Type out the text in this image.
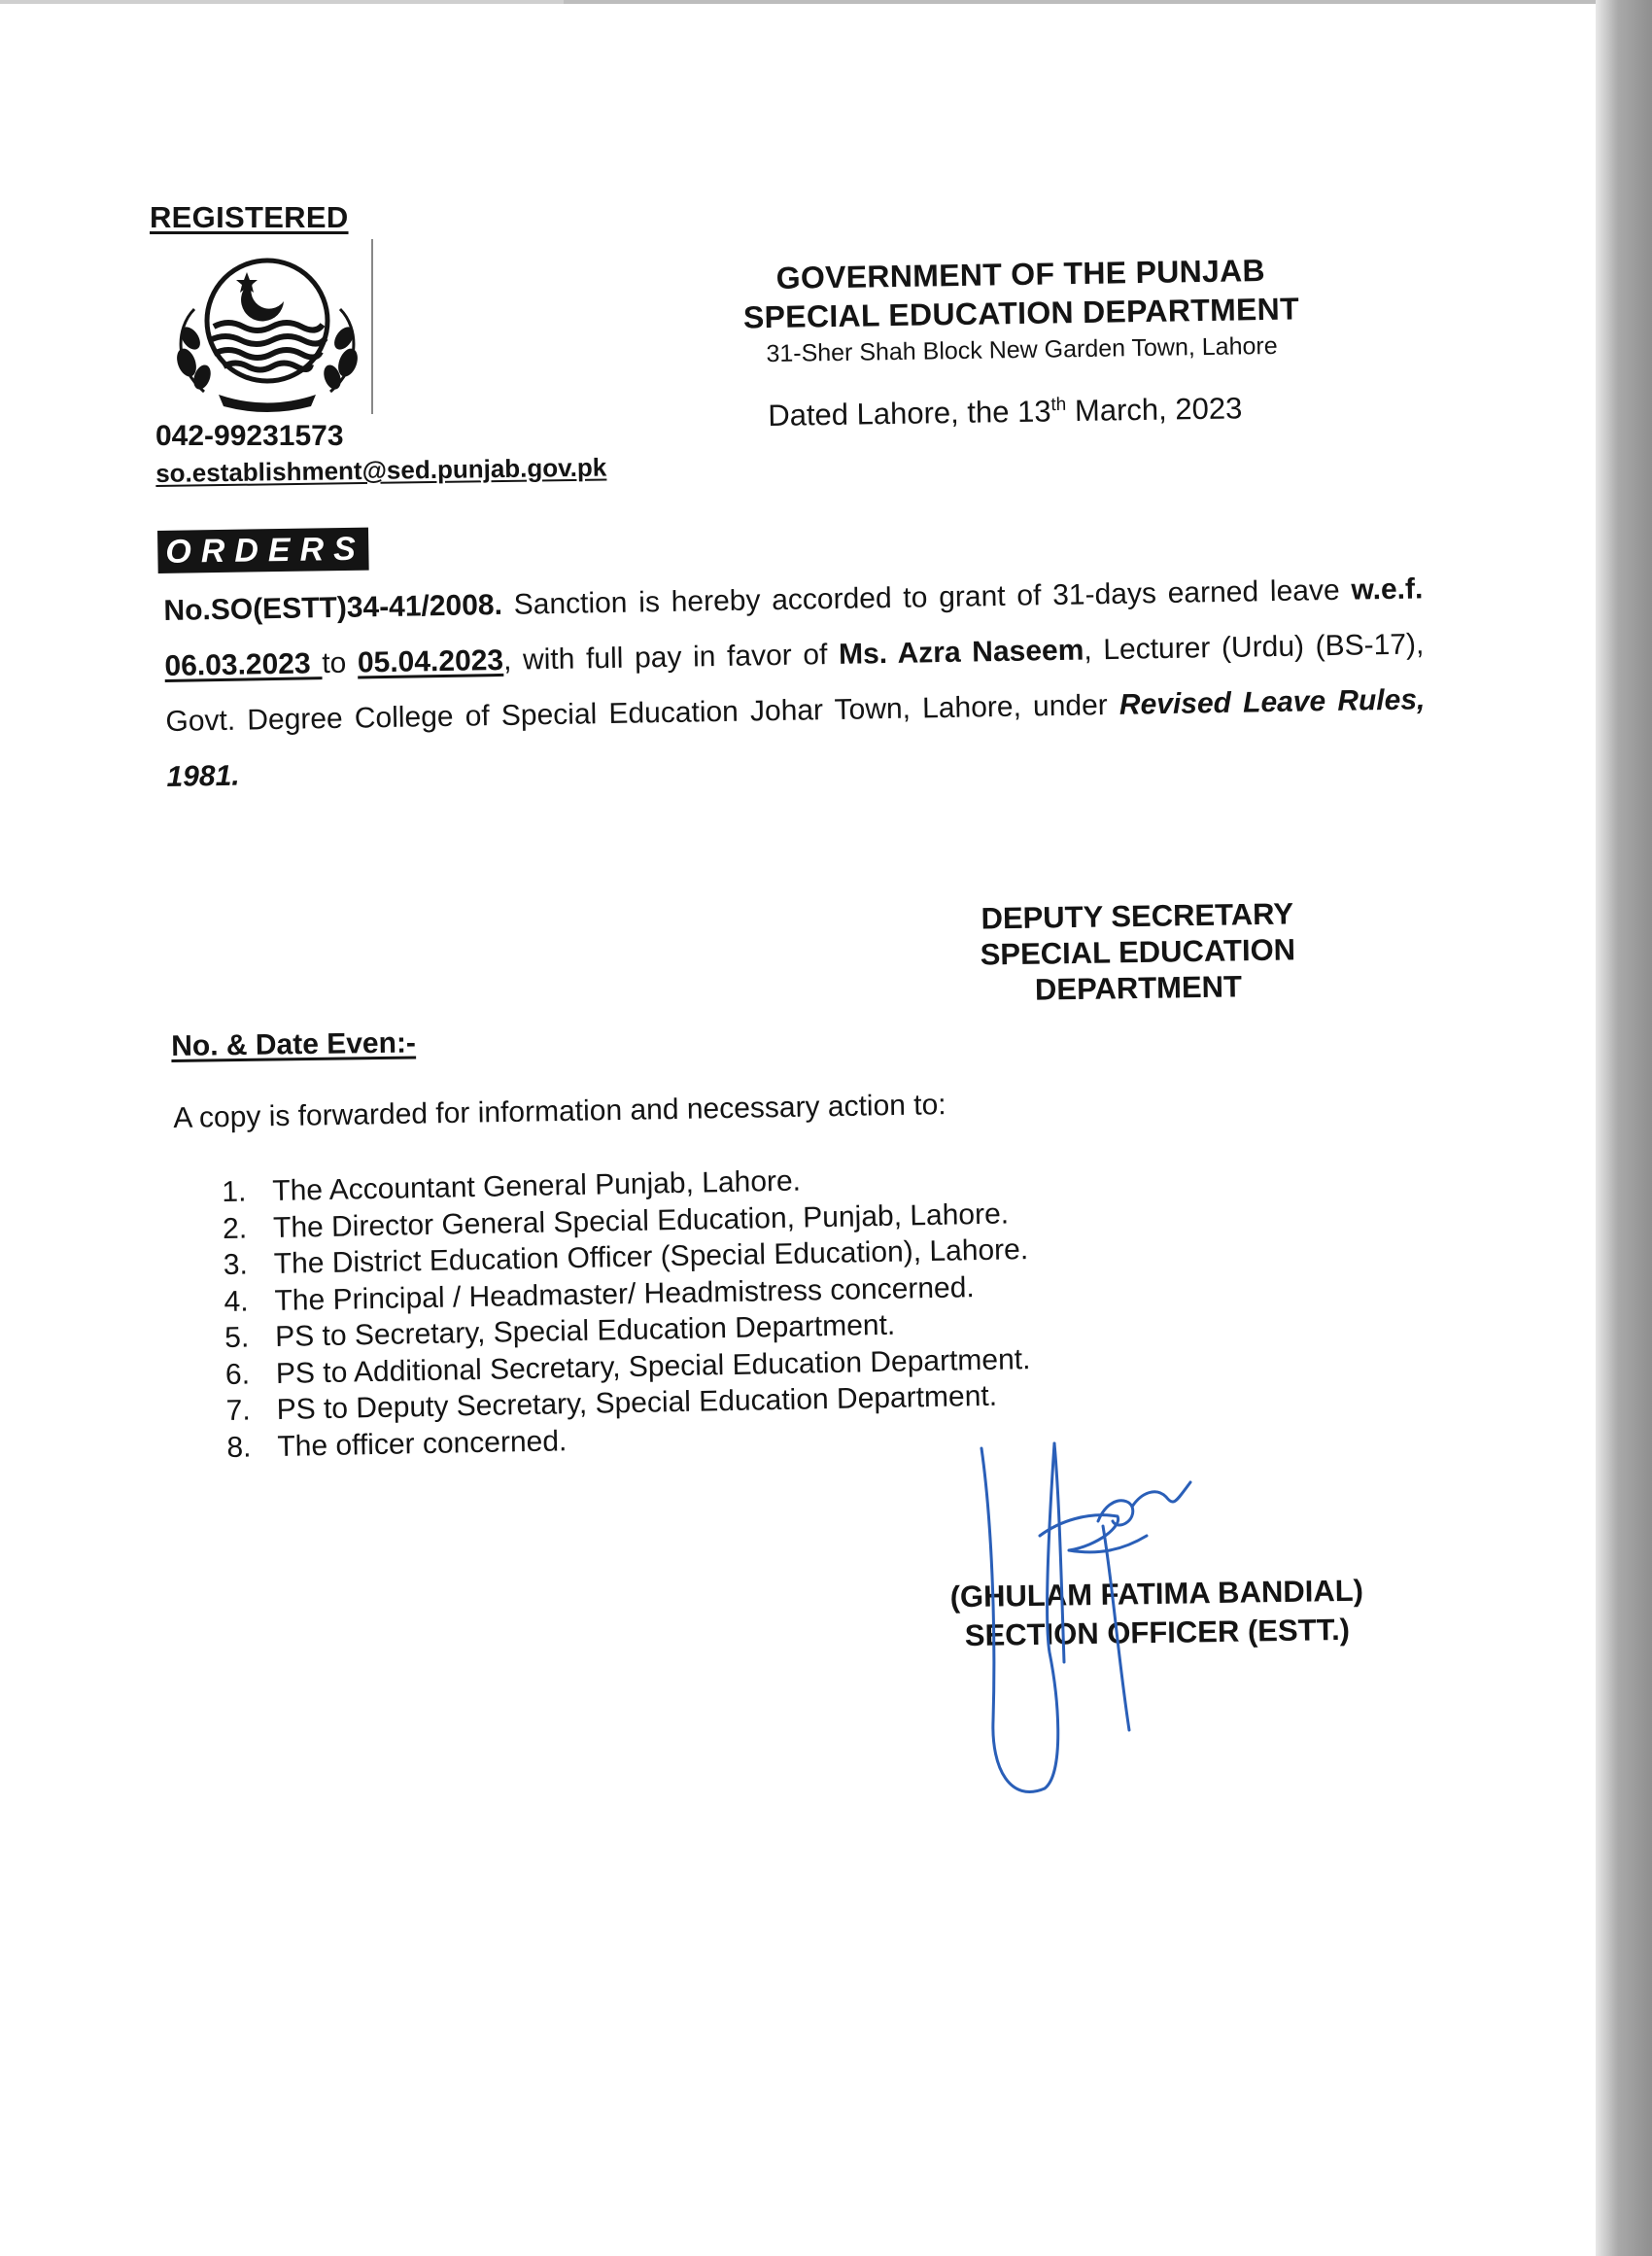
REGISTERED
042-99231573
so.establishment@sed.punjab.gov.pk
GOVERNMENT OF THE PUNJAB
SPECIAL EDUCATION DEPARTMENT
31-Sher Shah Block New Garden Town, Lahore
Dated Lahore, the 13th March, 2023
ORDERS
No.SO(ESTT)34-41/2008. Sanction is hereby accorded to grant of 31-days earned leave w.e.f. 06.03.2023 to 05.04.2023, with full pay in favor of Ms. Azra Naseem, Lecturer (Urdu) (BS-17), Govt. Degree College of Special Education Johar Town, Lahore, under Revised Leave Rules, 1981.
DEPUTY SECRETARY
SPECIAL EDUCATION
DEPARTMENT
No. & Date Even:-
A copy is forwarded for information and necessary action to:
1. The Accountant General Punjab, Lahore.
2. The Director General Special Education, Punjab, Lahore.
3. The District Education Officer (Special Education), Lahore.
4. The Principal / Headmaster/ Headmistress concerned.
5. PS to Secretary, Special Education Department.
6. PS to Additional Secretary, Special Education Department.
7. PS to Deputy Secretary, Special Education Department.
8. The officer concerned.
(GHULAM FATIMA BANDIAL)
SECTION OFFICER (ESTT.)
